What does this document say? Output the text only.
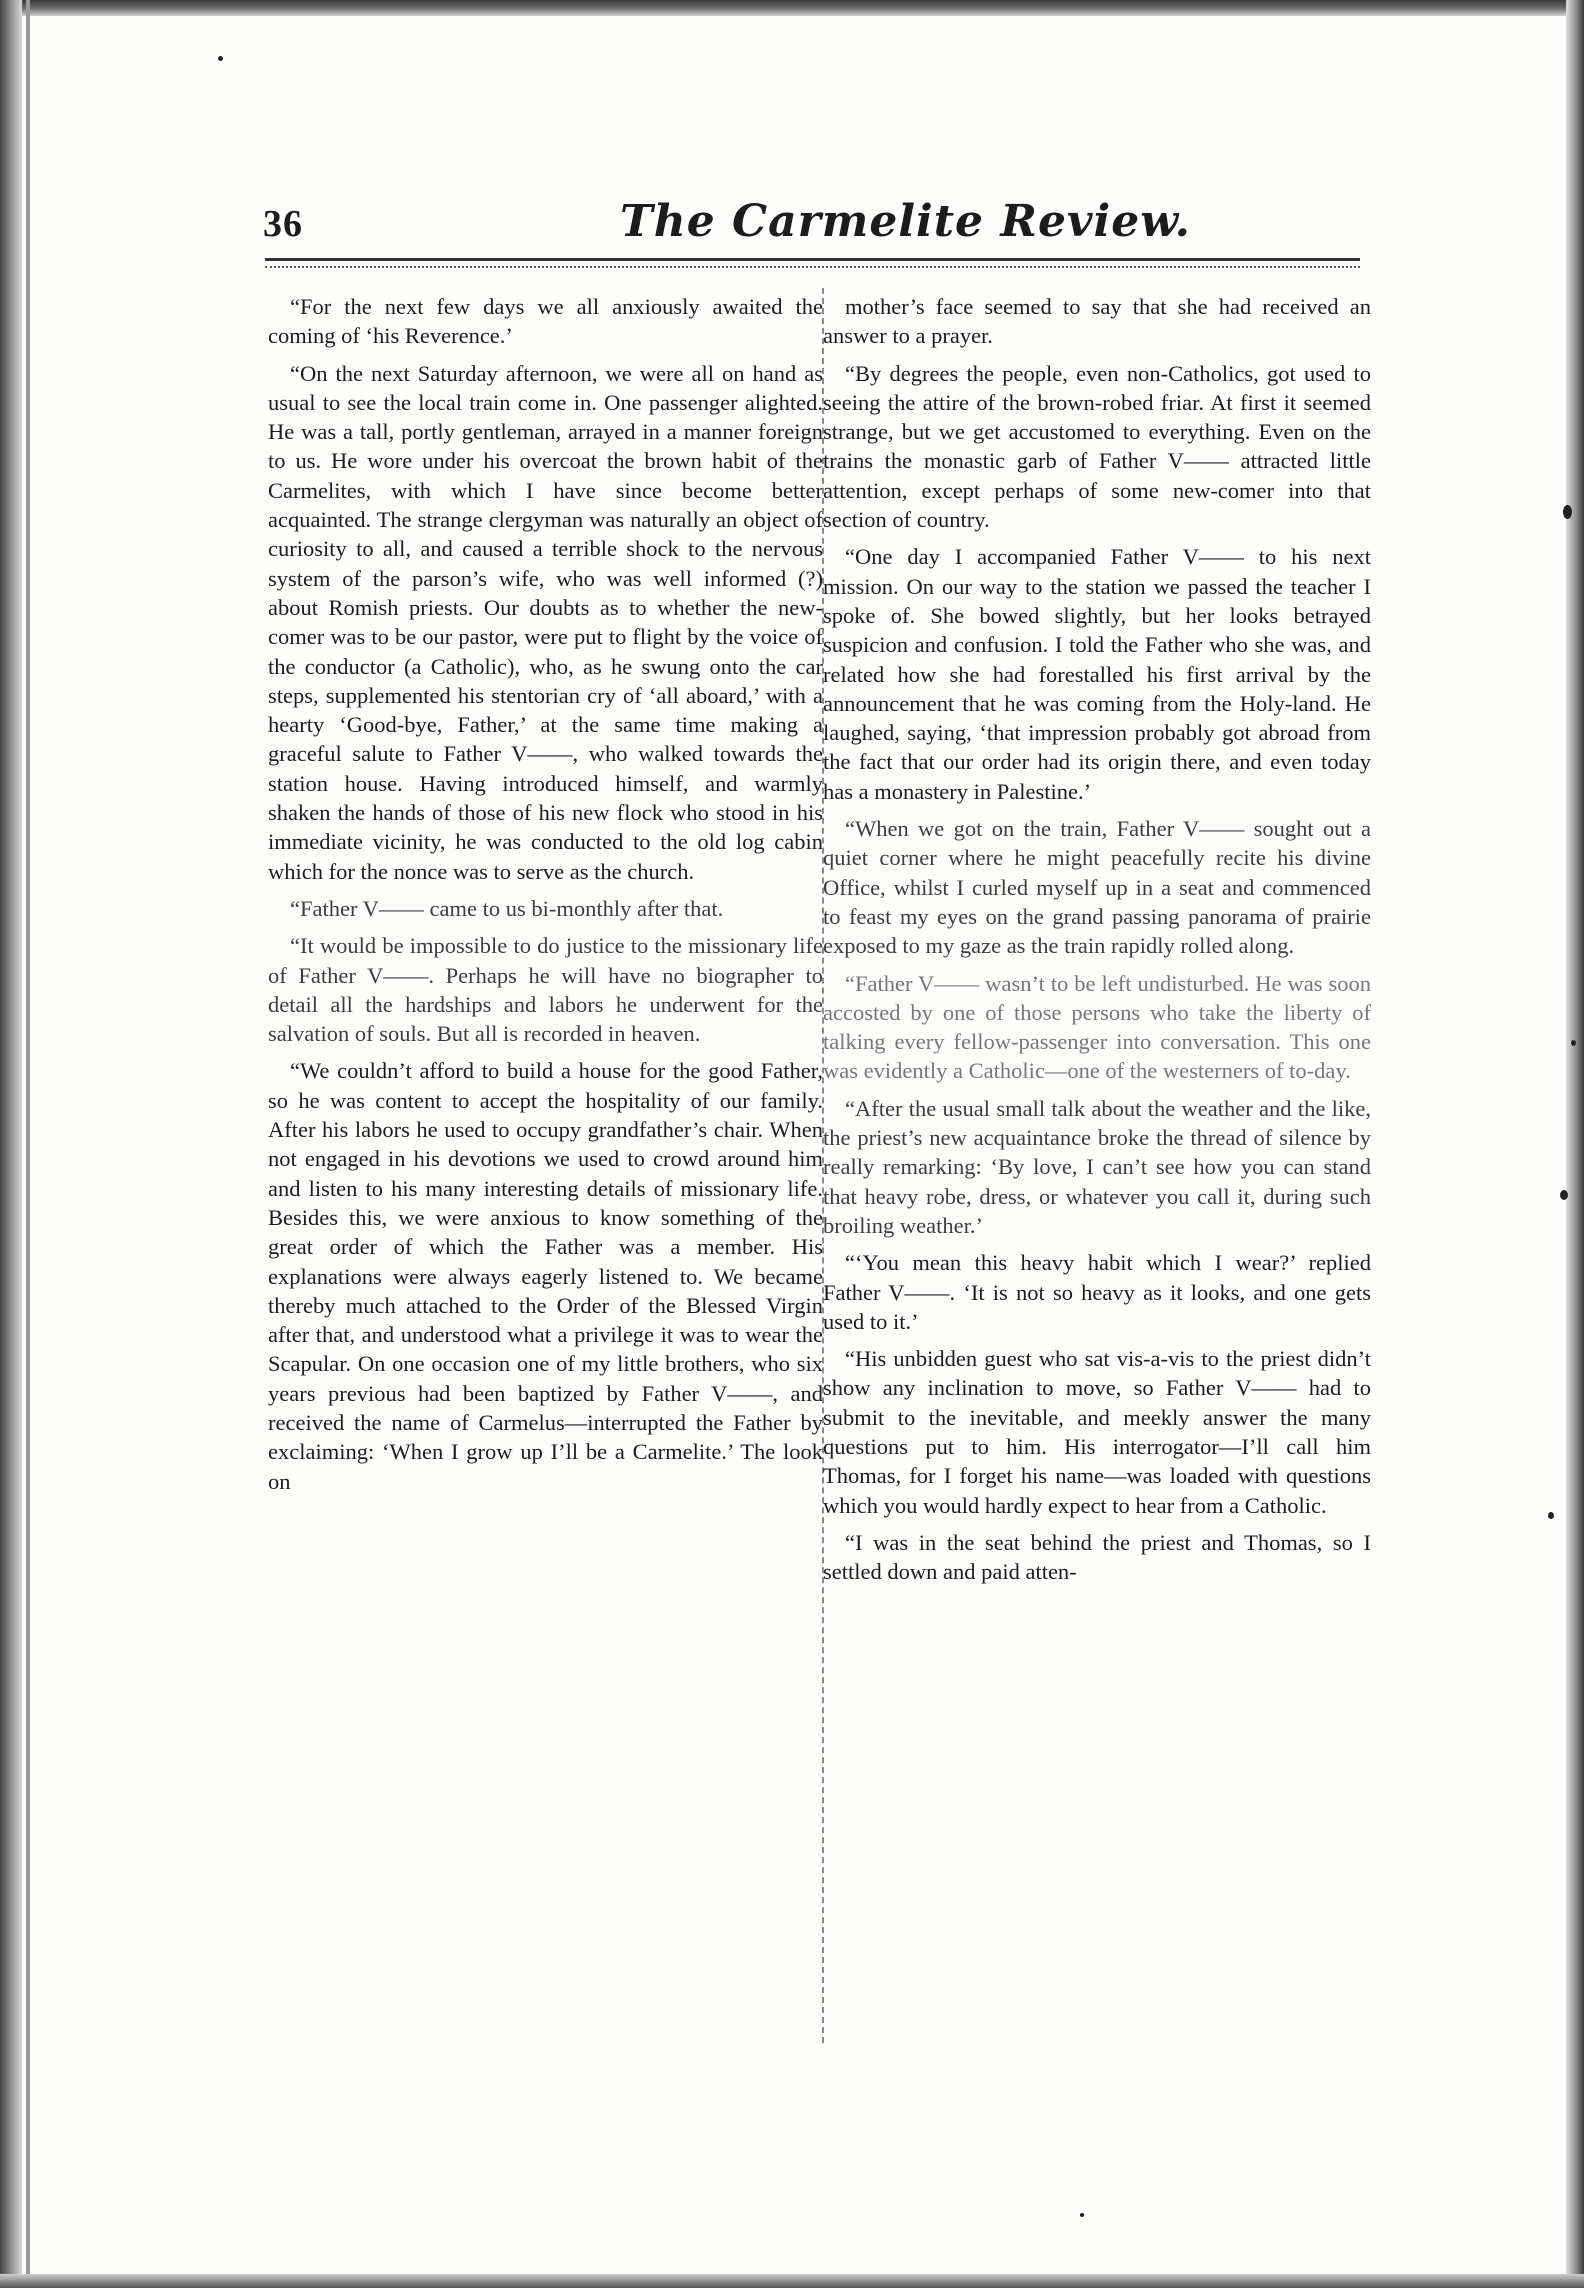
36	The Carmelite Review.

“For the next few days we all anxiously awaited the coming of ‘his Reverence.’

“On the next Saturday afternoon, we were all on hand as usual to see the local train come in. One passenger alighted. He was a tall, portly gentleman, arrayed in a manner foreign to us. He wore under his overcoat the brown habit of the Carmelites, with which I have since become better acquainted. The strange clergyman was naturally an object of curiosity to all, and caused a terrible shock to the nervous system of the parson’s wife, who was well informed (?) about Romish priests. Our doubts as to whether the new-comer was to be our pastor, were put to flight by the voice of the conductor (a Catholic), who, as he swung onto the car steps, supplemented his stentorian cry of ‘all aboard,’ with a hearty ‘Good-bye, Father,’ at the same time making a graceful salute to Father V——, who walked towards the station house. Having introduced himself, and warmly shaken the hands of those of his new flock who stood in his immediate vicinity, he was conducted to the old log cabin which for the nonce was to serve as the church.

“Father V—— came to us bi-monthly after that.

“It would be impossible to do justice to the missionary life of Father V——. Perhaps he will have no biographer to detail all the hardships and labors he underwent for the salvation of souls. But all is recorded in heaven.

“We couldn’t afford to build a house for the good Father, so he was content to accept the hospitality of our family. After his labors he used to occupy grandfather’s chair. When not engaged in his devotions we used to crowd around him and listen to his many interesting details of missionary life. Besides this, we were anxious to know something of the great order of which the Father was a member. His explanations were always eagerly listened to. We became thereby much attached to the Order of the Blessed Virgin after that, and understood what a privilege it was to wear the Scapular. On one occasion one of my little brothers, who six years previous had been baptized by Father V——, and received the name of Carmelus—interrupted the Father by exclaiming: ‘When I grow up I’ll be a Carmelite.’ The look on

mother’s face seemed to say that she had received an answer to a prayer.

“By degrees the people, even non-Catholics, got used to seeing the attire of the brown-robed friar. At first it seemed strange, but we get accustomed to everything. Even on the trains the monastic garb of Father V—— attracted little attention, except perhaps of some new-comer into that section of country.

“One day I accompanied Father V—— to his next mission. On our way to the station we passed the teacher I spoke of. She bowed slightly, but her looks betrayed suspicion and confusion. I told the Father who she was, and related how she had forestalled his first arrival by the announcement that he was coming from the Holy-land. He laughed, saying, ‘that impression probably got abroad from the fact that our order had its origin there, and even today has a monastery in Palestine.’

“When we got on the train, Father V—— sought out a quiet corner where he might peacefully recite his divine Office, whilst I curled myself up in a seat and commenced to feast my eyes on the grand passing panorama of prairie exposed to my gaze as the train rapidly rolled along.

“Father V—— wasn’t to be left undisturbed. He was soon accosted by one of those persons who take the liberty of talking every fellow-passenger into conversation. This one was evidently a Catholic—one of the westerners of to-day.

“After the usual small talk about the weather and the like, the priest’s new acquaintance broke the thread of silence by really remarking: ‘By love, I can’t see how you can stand that heavy robe, dress, or whatever you call it, during such broiling weather.’

“‘You mean this heavy habit which I wear?’ replied Father V——. ‘It is not so heavy as it looks, and one gets used to it.’

“His unbidden guest who sat vis-a-vis to the priest didn’t show any inclination to move, so Father V—— had to submit to the inevitable, and meekly answer the many questions put to him. His interrogator—I’ll call him Thomas, for I forget his name—was loaded with questions which you would hardly expect to hear from a Catholic.

“I was in the seat behind the priest and Thomas, so I settled down and paid atten-
